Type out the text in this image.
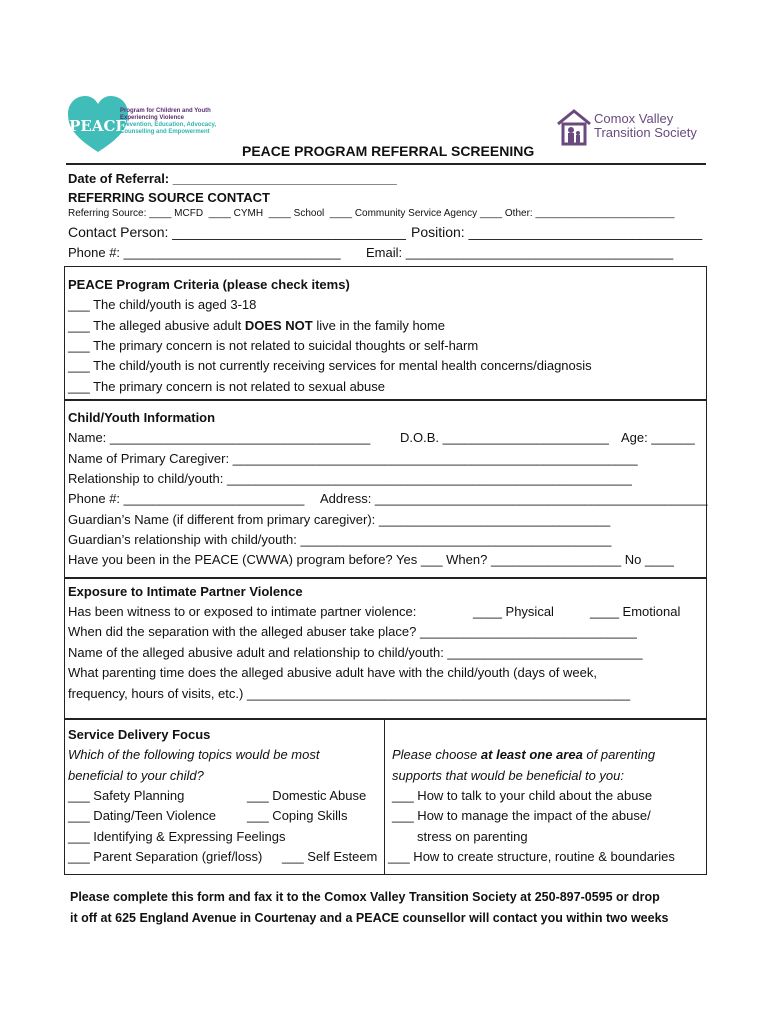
PEACE
Program for Children and Youth
Experiencing Violence
Prevention, Education, Advocacy,
Counselling and Empowerment
Comox Valley
Transition Society
PEACE PROGRAM REFERRAL SCREENING
Date of Referral: _______________________________
REFERRING SOURCE CONTACT
Referring Source: ____ MCFD  ____ CYMH  ____ School  ____ Community Service Agency ____ Other: _________________________
Contact Person: ______________________________ Position: ______________________________
Phone #: ______________________________ Email: _____________________________________
PEACE Program Criteria (please check items)
___ The child/youth is aged 3-18
___ The alleged abusive adult DOES NOT live in the family home
___ The primary concern is not related to suicidal thoughts or self-harm
___ The child/youth is not currently receiving services for mental health concerns/diagnosis
___ The primary concern is not related to sexual abuse
Child/Youth Information
Name: ____________________________________ D.O.B. _______________________ Age: ______
Name of Primary Caregiver: ________________________________________________________
Relationship to child/youth: ________________________________________________________
Phone #: _________________________ Address: ______________________________________________
Guardian’s Name (if different from primary caregiver): ________________________________
Guardian’s relationship with child/youth: ___________________________________________
Have you been in the PEACE (CWWA) program before? Yes ___ When? __________________ No ____
Exposure to Intimate Partner Violence
Has been witness to or exposed to intimate partner violence:	____ Physical	____ Emotional
When did the separation with the alleged abuser take place? ______________________________
Name of the alleged abusive adult and relationship to child/youth: ___________________________
What parenting time does the alleged abusive adult have with the child/youth (days of week,
frequency, hours of visits, etc.) _____________________________________________________
Service Delivery Focus
Which of the following topics would be most
beneficial to your child?
___ Safety Planning	___ Domestic Abuse
___ Dating/Teen Violence ___ Coping Skills
___ Identifying & Expressing Feelings
___ Parent Separation (grief/loss) ___ Self Esteem
Please choose at least one area of parenting
supports that would be beneficial to you:
___ How to talk to your child about the abuse
___ How to manage the impact of the abuse/
stress on parenting
___ How to create structure, routine & boundaries
Please complete this form and fax it to the Comox Valley Transition Society at 250-897-0595 or drop
it off at 625 England Avenue in Courtenay and a PEACE counsellor will contact you within two weeks
